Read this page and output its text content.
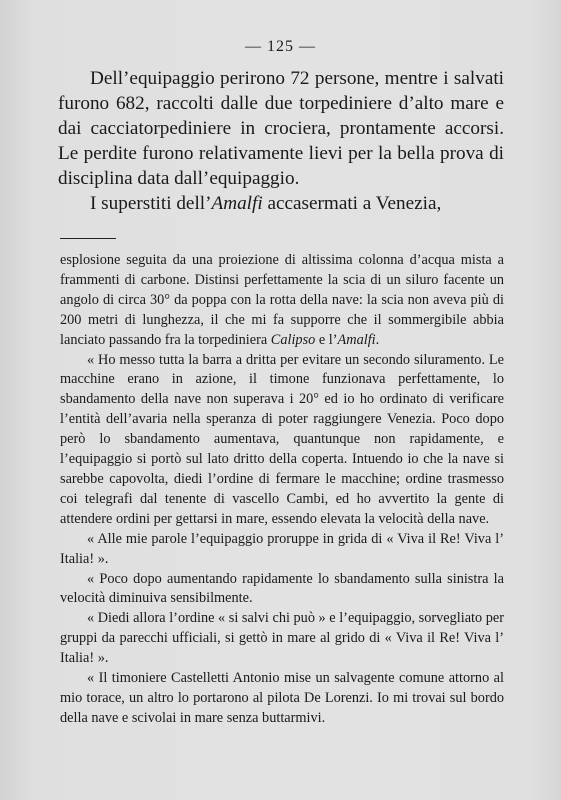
— 125 —

Dell’equipaggio perirono 72 persone, mentre i salvati furono 682, raccolti dalle due torpediniere d’alto mare e dai cacciatorpediniere in crociera, prontamente accorsi. Le perdite furono relativamente lievi per la bella prova di disciplina data dall’equipaggio.

I superstiti dell’Amalfi accasermati a Venezia,

esplosione seguita da una proiezione di altissima colonna d’acqua mista a frammenti di carbone. Distinsi perfettamente la scia di un siluro facente un angolo di circa 30° da poppa con la rotta della nave: la scia non aveva più di 200 metri di lunghezza, il che mi fa supporre che il sommergibile abbia lanciato passando fra la torpediniera Calipso e l’Amalfi.

« Ho messo tutta la barra a dritta per evitare un secondo siluramento. Le macchine erano in azione, il timone funzionava perfettamente, lo sbandamento della nave non superava i 20° ed io ho ordinato di verificare l’entità dell’avaria nella speranza di poter raggiungere Venezia. Poco dopo però lo sbandamento aumentava, quantunque non rapidamente, e l’equipaggio si portò sul lato dritto della coperta. Intuendo io che la nave si sarebbe capovolta, diedi l’ordine di fermare le macchine; ordine trasmesso coi telegrafi dal tenente di vascello Cambi, ed ho avvertito la gente di attendere ordini per gettarsi in mare, essendo elevata la velocità della nave.

« Alle mie parole l’equipaggio proruppe in grida di « Viva il Re! Viva l’ Italia! ».

« Poco dopo aumentando rapidamente lo sbandamento sulla sinistra la velocità diminuiva sensibilmente.

« Diedi allora l’ordine « si salvi chi può » e l’equipaggio, sorvegliato per gruppi da parecchi ufficiali, si gettò in mare al grido di « Viva il Re! Viva l’ Italia! ».

« Il timoniere Castelletti Antonio mise un salvagente comune attorno al mio torace, un altro lo portarono al pilota De Lorenzi. Io mi trovai sul bordo della nave e scivolai in mare senza buttarmivi.
